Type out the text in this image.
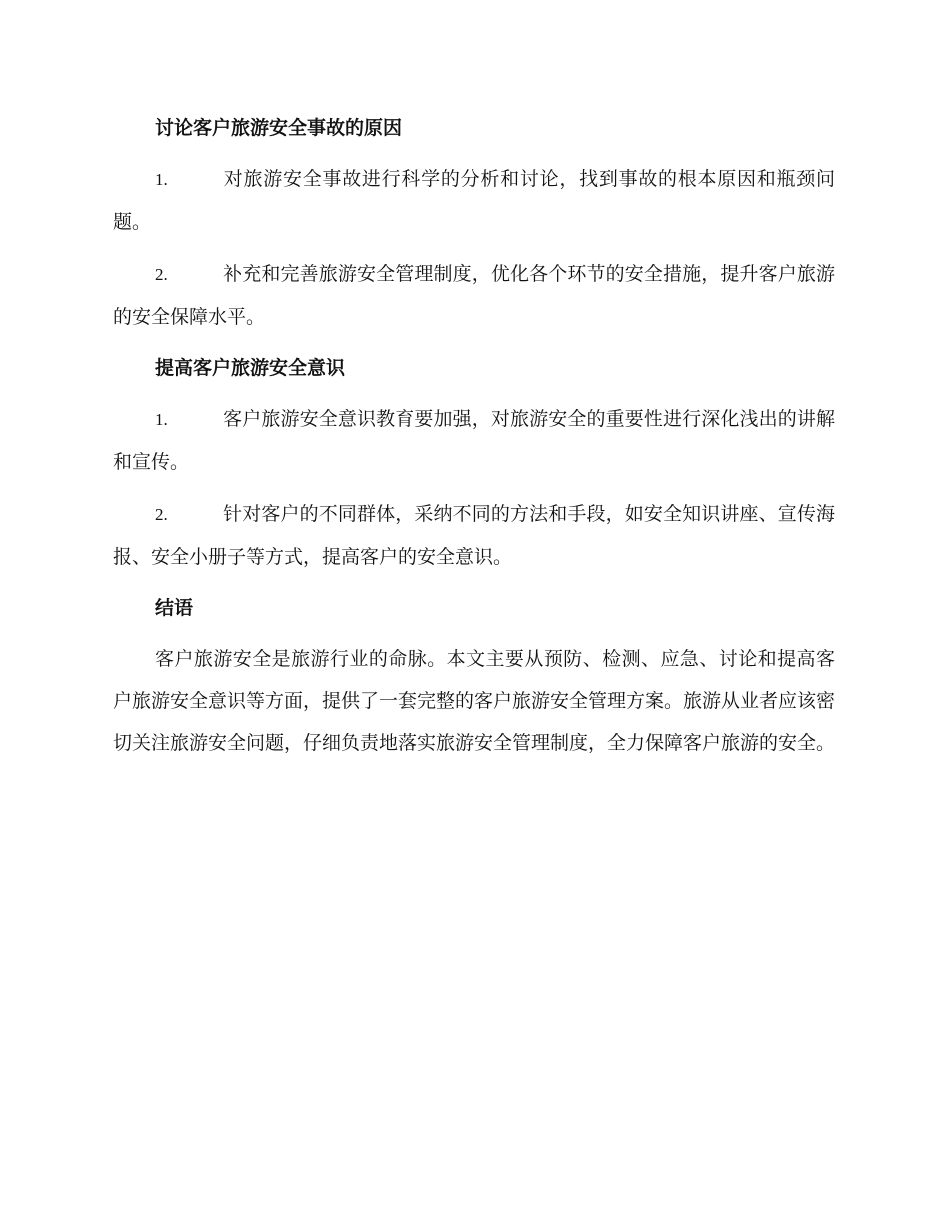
讨论客户旅游安全事故的原因

1.	对旅游安全事故进行科学的分析和讨论，找到事故的根本原因和瓶颈问题。

2.	补充和完善旅游安全管理制度，优化各个环节的安全措施，提升客户旅游的安全保障水平。

提高客户旅游安全意识

1.	客户旅游安全意识教育要加强，对旅游安全的重要性进行深化浅出的讲解和宣传。

2.	针对客户的不同群体，采纳不同的方法和手段，如安全知识讲座、宣传海报、安全小册子等方式，提高客户的安全意识。

结语

客户旅游安全是旅游行业的命脉。本文主要从预防、检测、应急、讨论和提高客户旅游安全意识等方面，提供了一套完整的客户旅游安全管理方案。旅游从业者应该密切关注旅游安全问题，仔细负责地落实旅游安全管理制度，全力保障客户旅游的安全。
